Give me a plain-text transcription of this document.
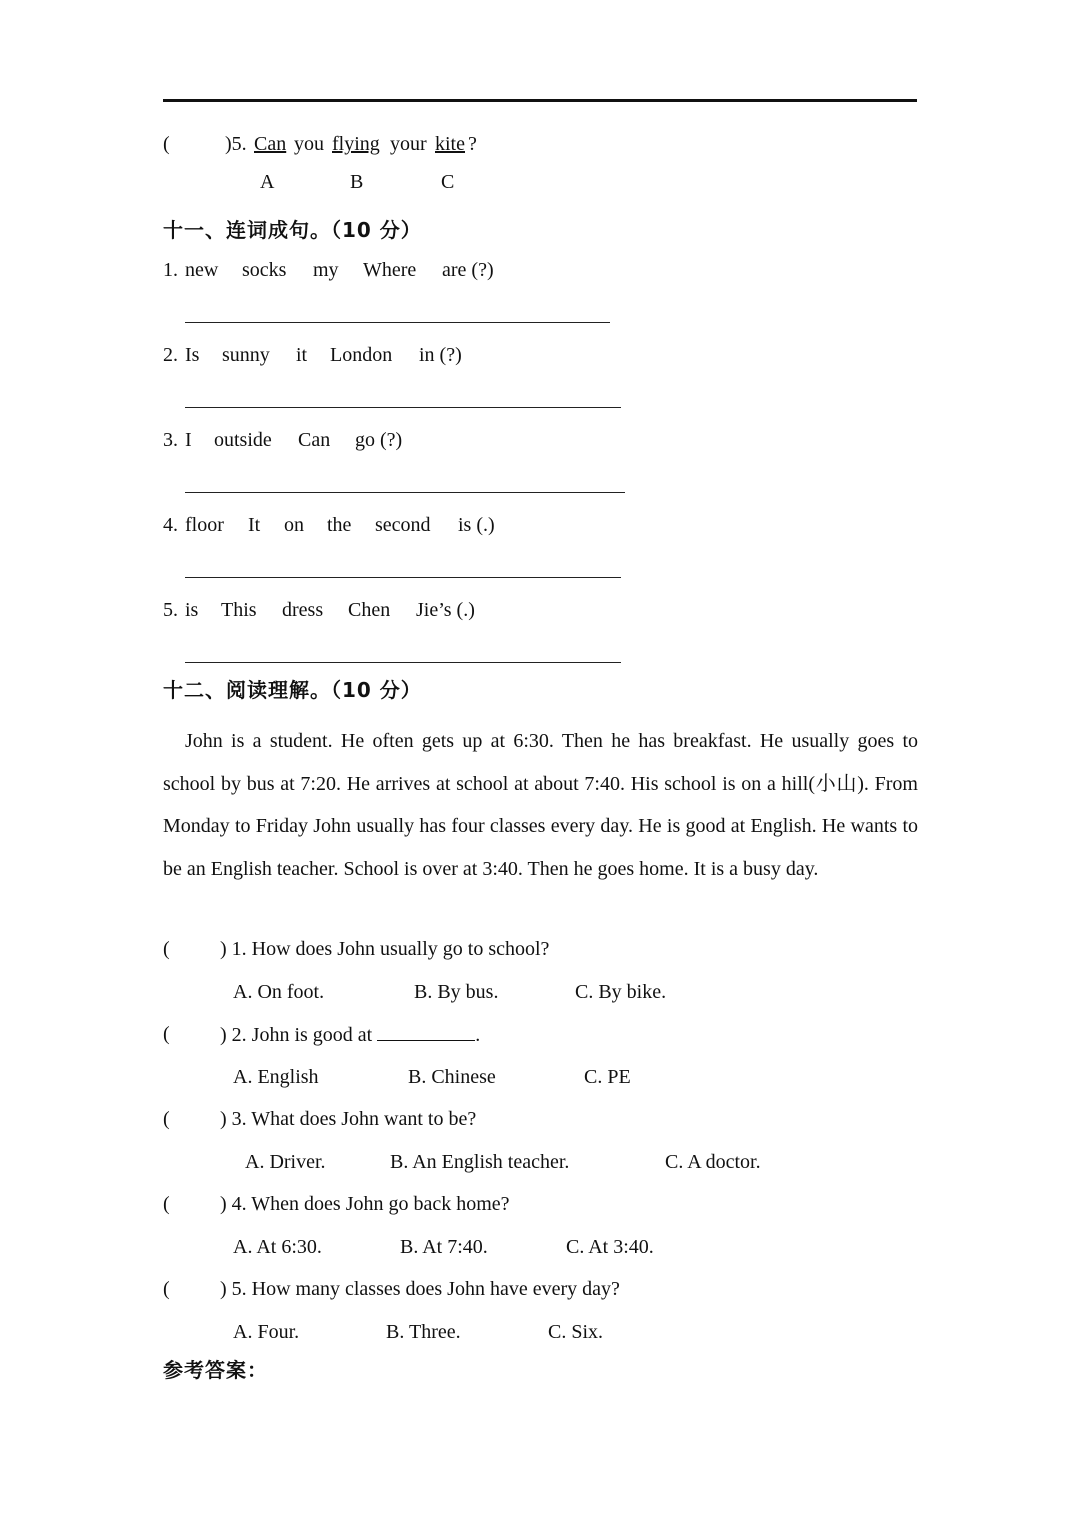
(	)5. Can you flying your kite ?
A	B	C
十一、连词成句。（10 分）
1. new socks my Where are (?)
2. Is sunny it London in (?)
3. I outside Can go (?)
4. floor It on the second is (.)
5. is This dress Chen Jie’s (.)
十二、阅读理解。（10 分）
John is a student. He often gets up at 6:30. Then he has breakfast. He usually goes to school by bus at 7:20. He arrives at school at about 7:40. His school is on a hill(小山). From Monday to Friday John usually has four classes every day. He is good at English. He wants to be an English teacher. School is over at 3:40. Then he goes home. It is a busy day.
(	) 1. How does John usually go to school?
A. On foot.	B. By bus.	C. By bike.
(	) 2. John is good at	.
A. English	B. Chinese	C. PE
(	) 3. What does John want to be?
A. Driver.	B. An English teacher.	C. A doctor.
(	) 4. When does John go back home?
A. At 6:30.	B. At 7:40.	C. At 3:40.
(	) 5. How many classes does John have every day?
A. Four.	B. Three.	C. Six.
参考答案：
